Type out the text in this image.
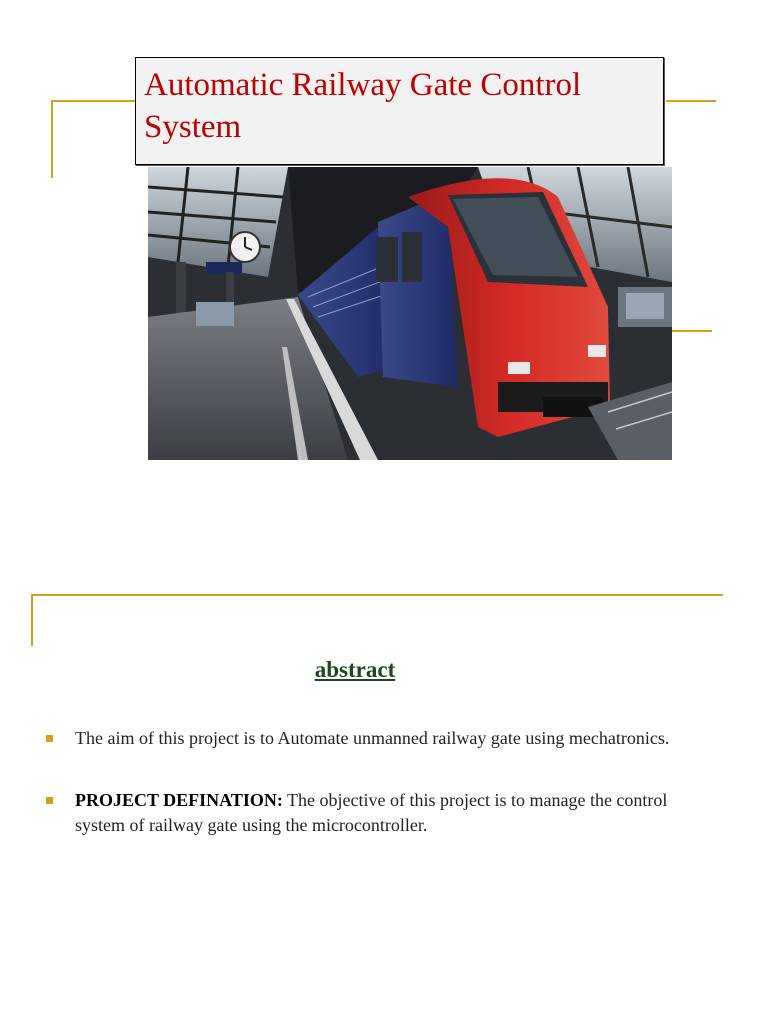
Automatic Railway Gate Control System
abstract
The aim of this project is to Automate unmanned railway gate using mechatronics.
PROJECT DEFINATION: The objective of this project is to manage the control system of railway gate using the microcontroller.
